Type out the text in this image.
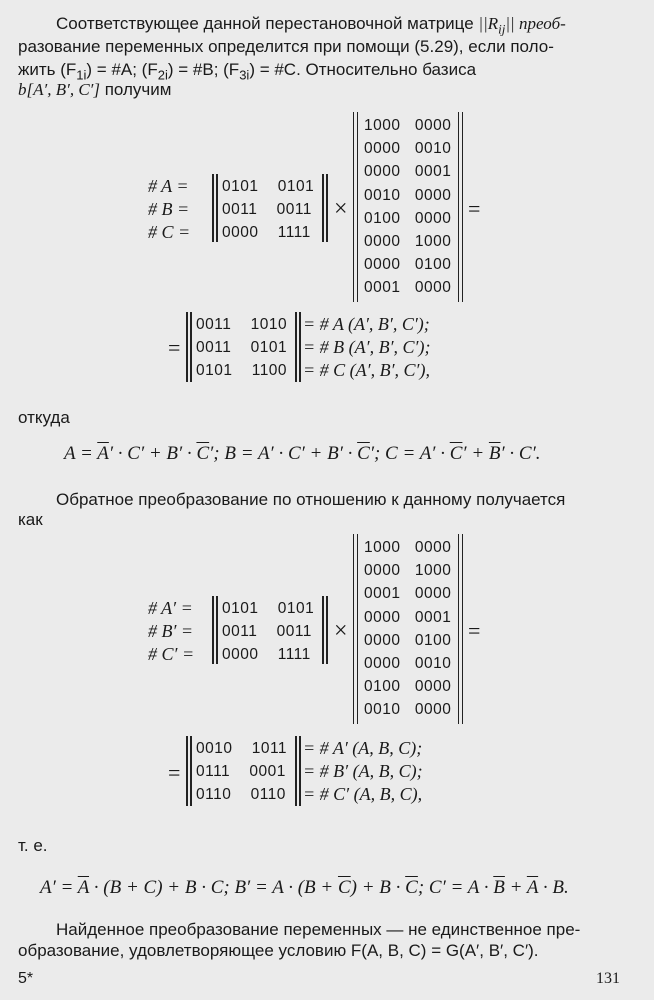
Соответствующее данной перестановочной матрице $||R_{ij}||$ преоб-
разование переменных определится при помощи (5.29), если поло-
жить $(F_{1i})$ = #A; $(F_{2i})$ = #B; $(F_{3i})$ = #C. Относительно базиса
b[A′, B′, C′] получим
# A =
# B =
# C =
0101 0101
0011 0011
0000 1111
×
1000 0000
0000 0010
0000 0001
0010 0000
0100 0000
0000 1000
0000 0100
0001 0000
=
=
0011 1010
0011 0101
0101 1100
= # A (A′, B′, C′);
= # B (A′, B′, C′);
= # C (A′, B′, C′),
откуда
$A = \overline{A}' \cdot C' + B' \cdot \overline{C}'$; $B = A' \cdot C' + B' \cdot \overline{C}'$; $C = A' \cdot \overline{C}' + \overline{B}' \cdot C'$.
Обратное преобразование по отношению к данному получается
как
# A′ =
# B′ =
# C′ =
0101 0101
0011 0011
0000 1111
×
1000 0000
0000 1000
0001 0000
0000 0001
0000 0100
0000 0010
0100 0000
0010 0000
=
=
0010 1011
0111 0001
0110 0110
= # A′ (A, B, C);
= # B′ (A, B, C);
= # C′ (A, B, C),
т. е.
$A' = \overline{A} \cdot (B + C) + B \cdot C$; $B' = A \cdot (B + \overline{C}) + B \cdot \overline{C}$; $C' = A \cdot \overline{B} + \overline{A} \cdot B$.
Найденное преобразование переменных — не единственное пре-
образование, удовлетворяющее условию F(A, B, C) = G(A′, B′, C′).
5*	131
